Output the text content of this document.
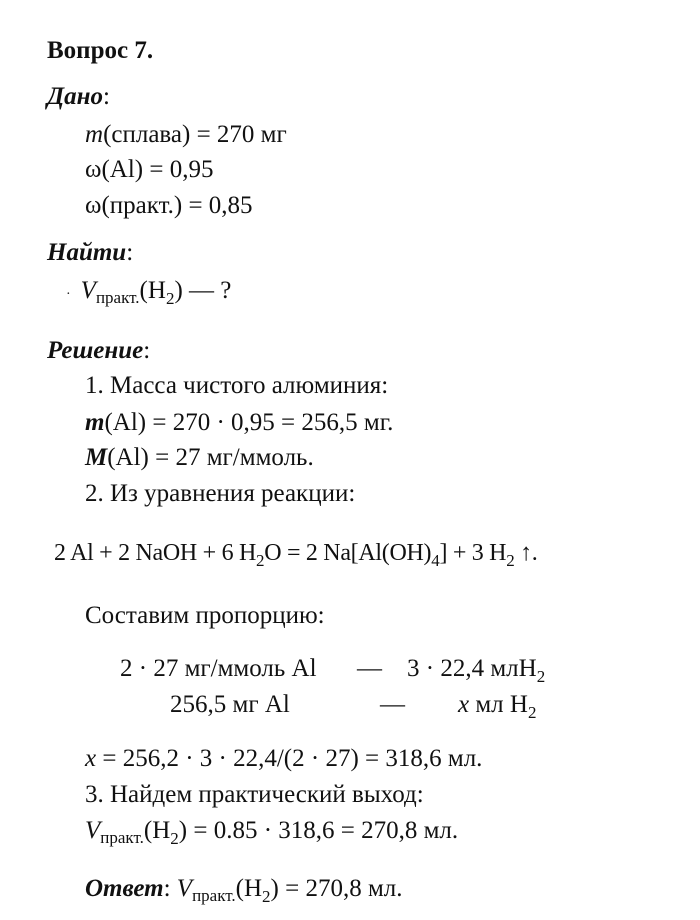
Вопрос 7.
Дано:
m(сплава) = 270 мг
ω(Al) = 0,95
ω(практ.) = 0,85
Найти:
· $V_{практ.}(H_2)$ — ?
Решение:
1. Масса чистого алюминия:
m(Al) = 270 · 0,95 = 256,5 мг.
M(Al) = 27 мг/ммоль.
2. Из уравнения реакции:
2 Al + 2 NaOH + 6 $H_2O = 2$ $Na[Al(OH)_4] + 3$ $H_2$ ↑.
Составим пропорцию:
2 · 27 мг/ммоль Al — 3 · 22,4 млH$_2$
256,5 мг Al	— x мл $H_2$
x = 256,2 · 3 · 22,4/(2 · 27) = 318,6 мл.
3. Найдем практический выход:
$V_{практ.}(H_2) = 0.85 \cdot 318,6 = 270,8$ мл.
Ответ: $V_{практ.}(H_2) = 270,8$ мл.
